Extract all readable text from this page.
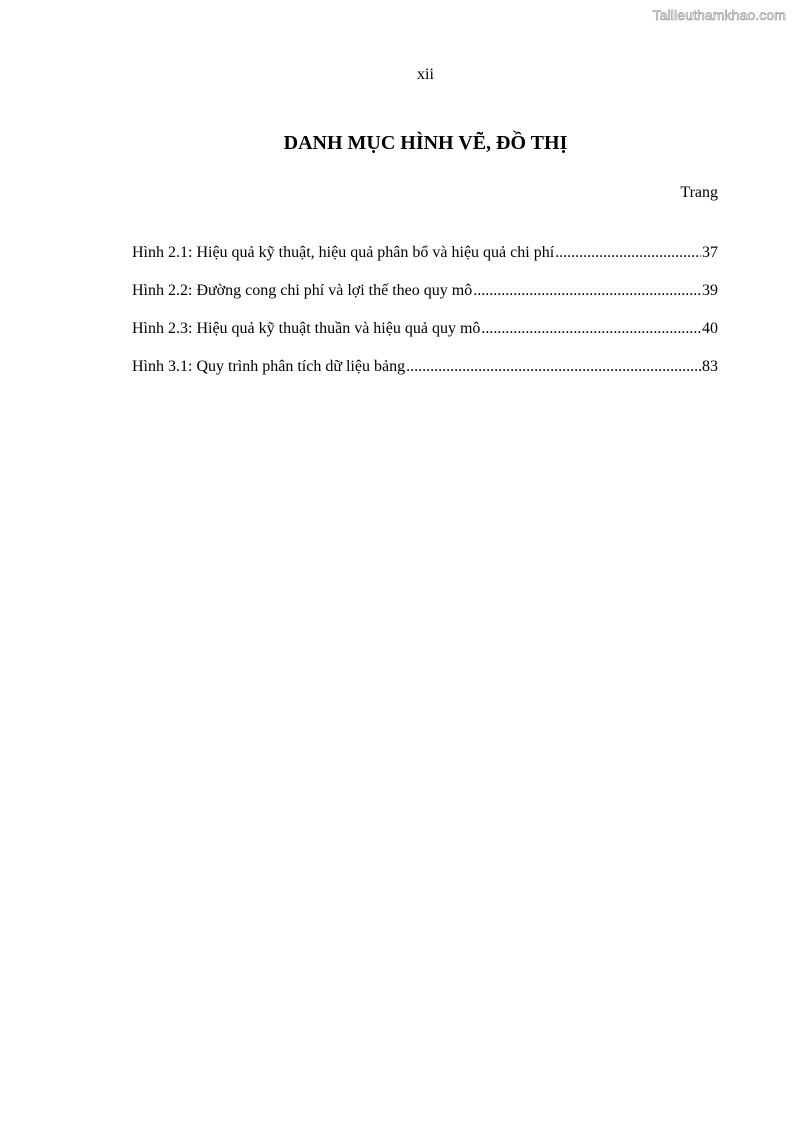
Tailieuthamkhao.com
xii
DANH MỤC HÌNH VẼ, ĐỒ THỊ
Trang
Hình 2.1: Hiệu quả kỹ thuật, hiệu quả phân bổ và hiệu quả chi phí .....	37
Hình 2.2: Đường cong chi phí và lợi thế theo quy mô .....	39
Hình 2.3: Hiệu quả kỹ thuật thuần và hiệu quả quy mô .....	40
Hình 3.1: Quy trình phân tích dữ liệu bảng .....	83
